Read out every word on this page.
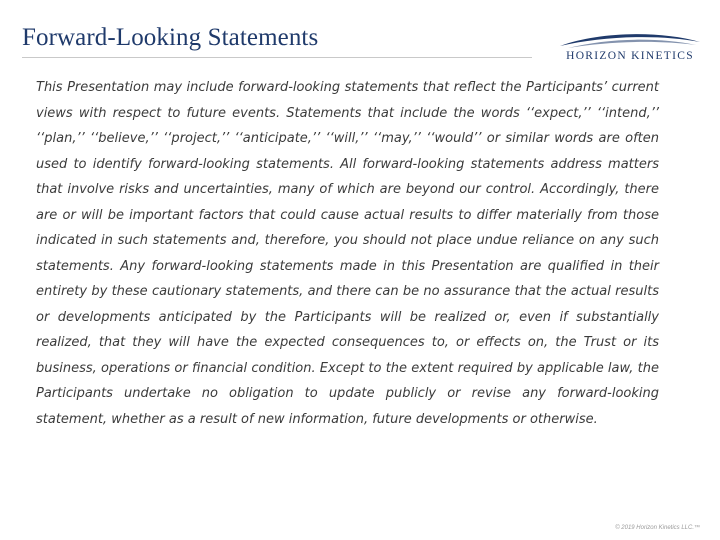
Forward-Looking Statements
HORIZON KINETICS

This Presentation may include forward-looking statements that reflect the Participants’ current views with respect to future events. Statements that include the words ‘‘expect,’’ ‘‘intend,’’ ‘‘plan,’’ ‘‘believe,’’ ‘‘project,’’ ‘‘anticipate,’’ ‘‘will,’’ ‘‘may,’’ ‘‘would’’ or similar words are often used to identify forward-looking statements. All forward-looking statements address matters that involve risks and uncertainties, many of which are beyond our control. Accordingly, there are or will be important factors that could cause actual results to differ materially from those indicated in such statements and, therefore, you should not place undue reliance on any such statements. Any forward-looking statements made in this Presentation are qualified in their entirety by these cautionary statements, and there can be no assurance that the actual results or developments anticipated by the Participants will be realized or, even if substantially realized, that they will have the expected consequences to, or effects on, the Trust or its business, operations or financial condition. Except to the extent required by applicable law, the Participants undertake no obligation to update publicly or revise any forward-looking statement, whether as a result of new information, future developments or otherwise.

© 2019 Horizon Kinetics LLC.™
